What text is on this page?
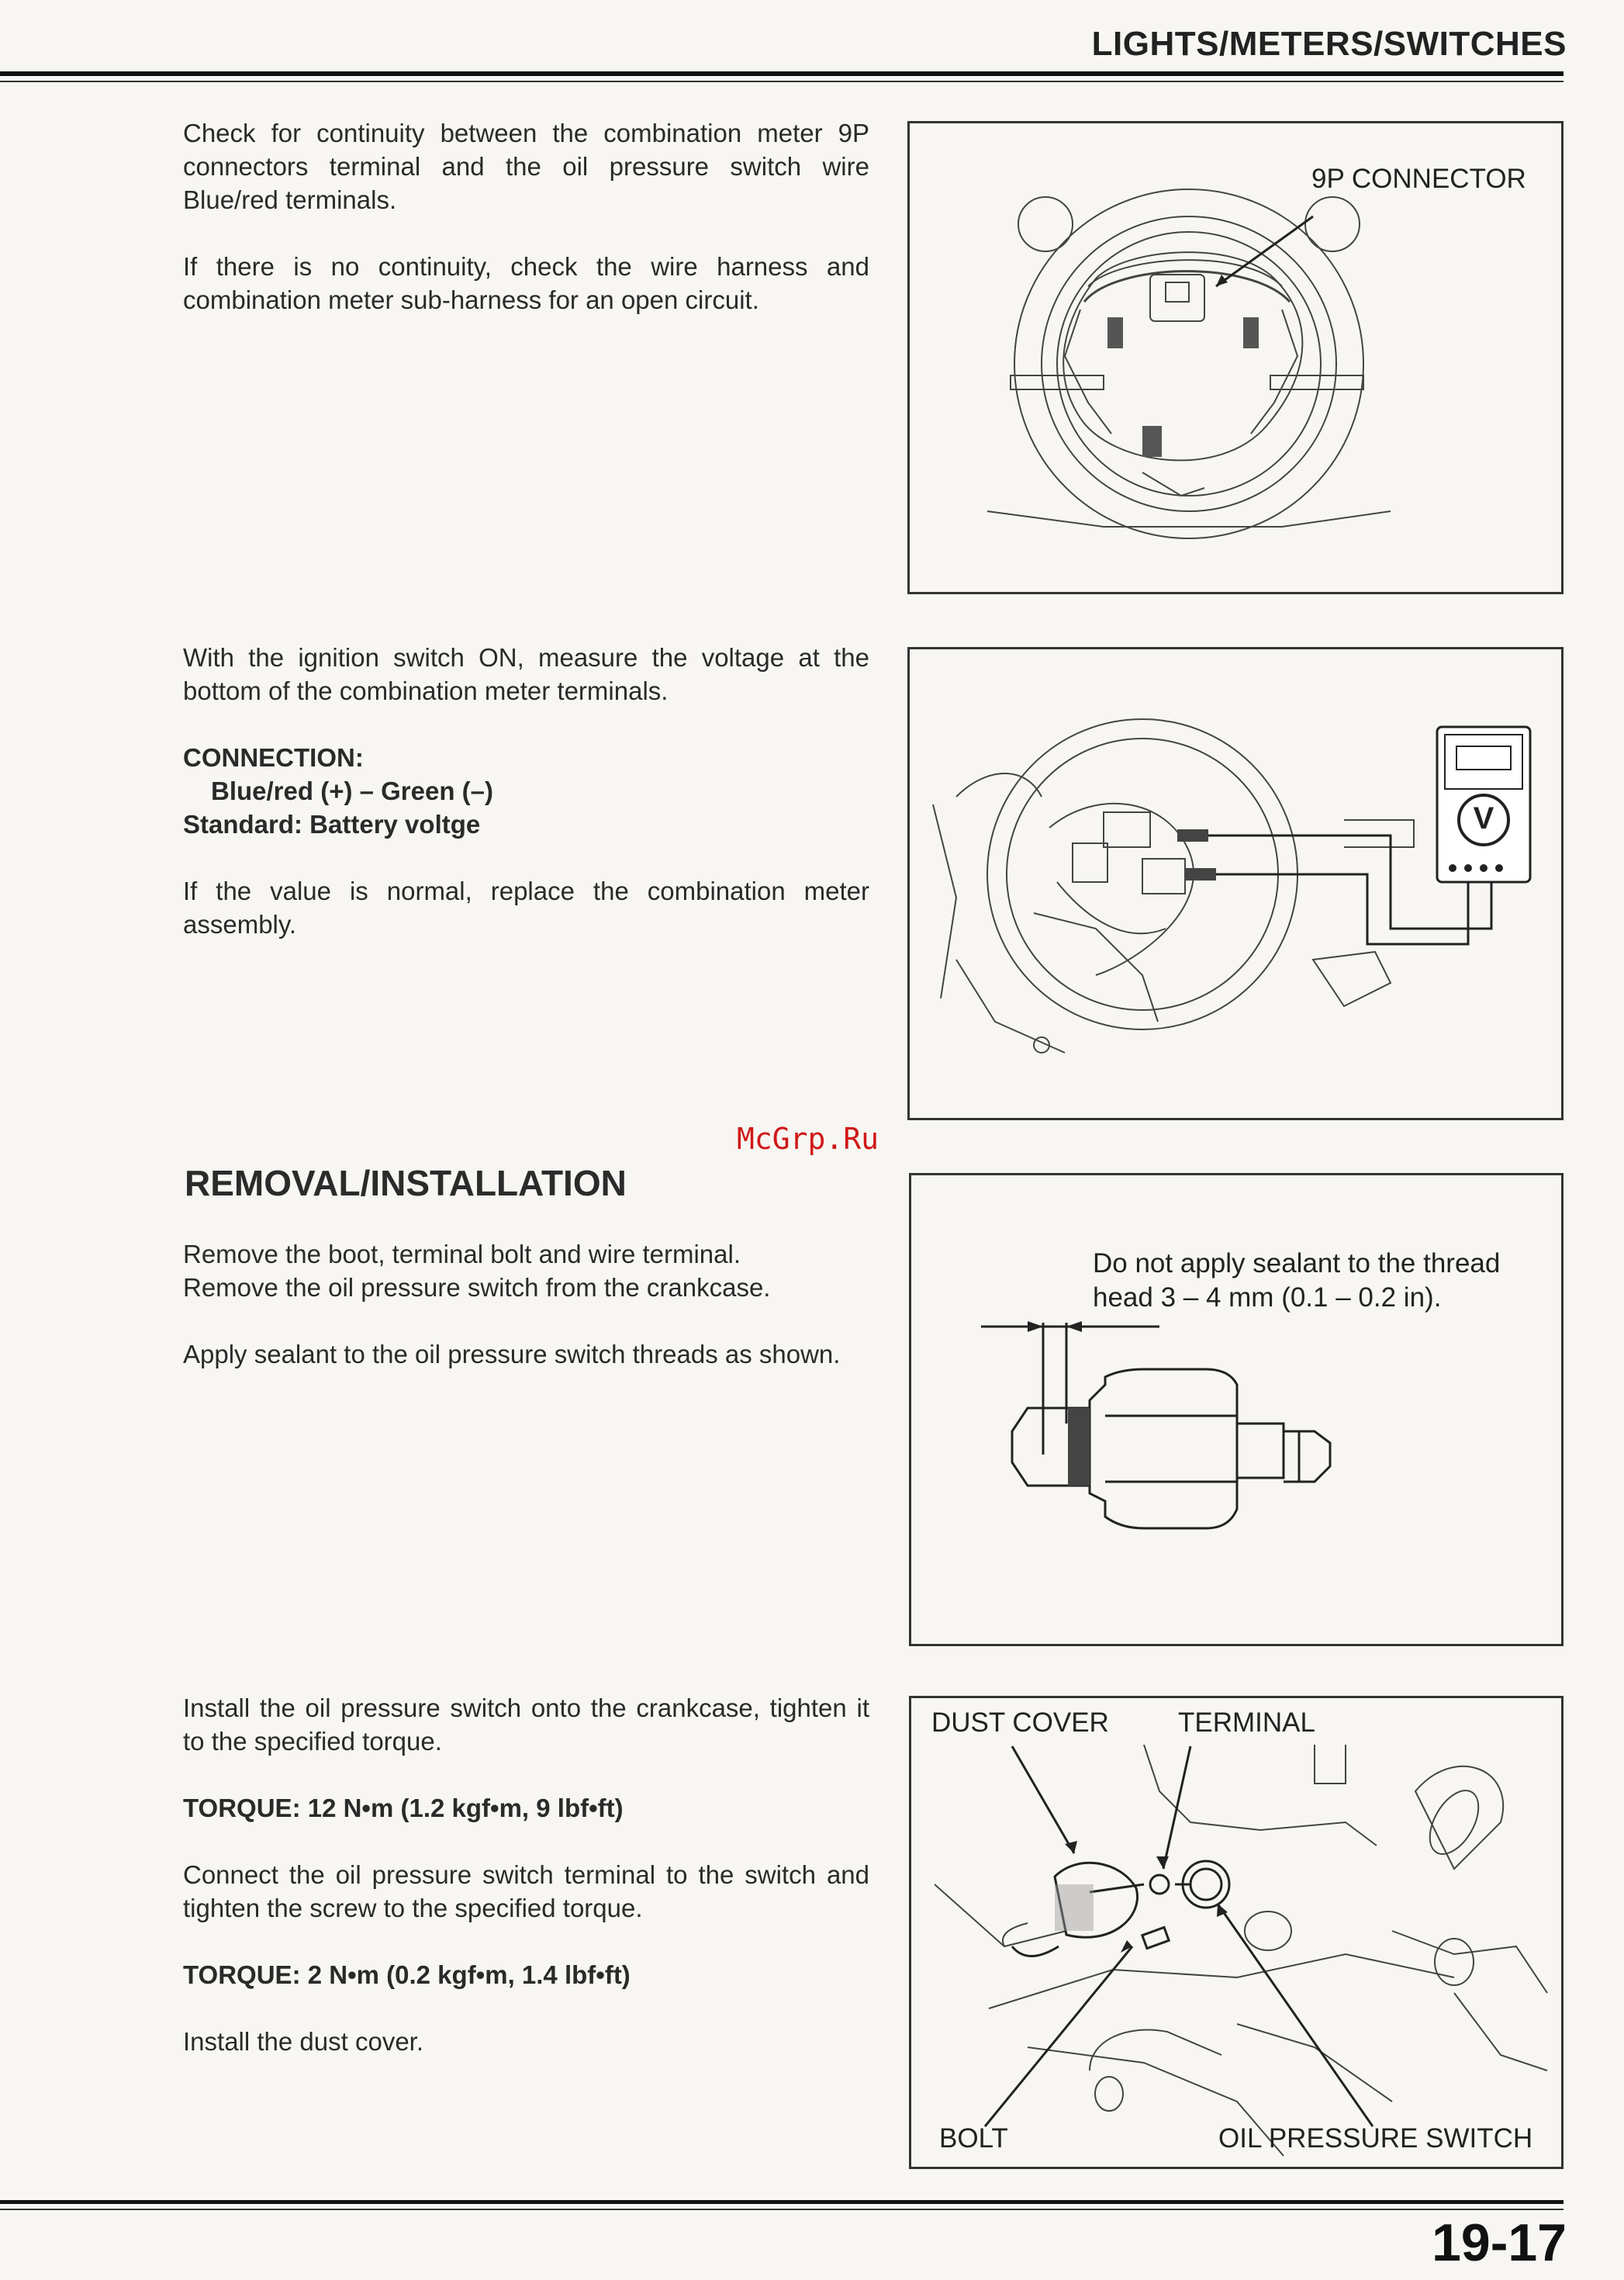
LIGHTS/METERS/SWITCHES

Check for continuity between the combination meter 9P connectors terminal and the oil pressure switch wire Blue/red terminals.

If there is no continuity, check the wire harness and combination meter sub-harness for an open circuit.

9P CONNECTOR

With the ignition switch ON, measure the voltage at the bottom of the combination meter terminals.

CONNECTION:

Blue/red (+) – Green (–)

Standard: Battery voltge

If the value is normal, replace the combination meter assembly.

V
McGrp.Ru
REMOVAL/INSTALLATION
Remove the boot, terminal bolt and wire terminal.
Remove the oil pressure switch from the crankcase.

Apply sealant to the oil pressure switch threads as shown.

Do not apply sealant to the thread
head 3 – 4 mm (0.1 – 0.2 in).

Install the oil pressure switch onto the crankcase, tighten it to the specified torque.

TORQUE: 12 N•m (1.2 kgf•m, 9 lbf•ft)

Connect the oil pressure switch terminal to the switch and tighten the screw to the specified torque.

TORQUE: 2 N•m (0.2 kgf•m, 1.4 lbf•ft)

Install the dust cover.

DUST COVER	TERMINAL
BOLT	OIL PRESSURE SWITCH
19-17
